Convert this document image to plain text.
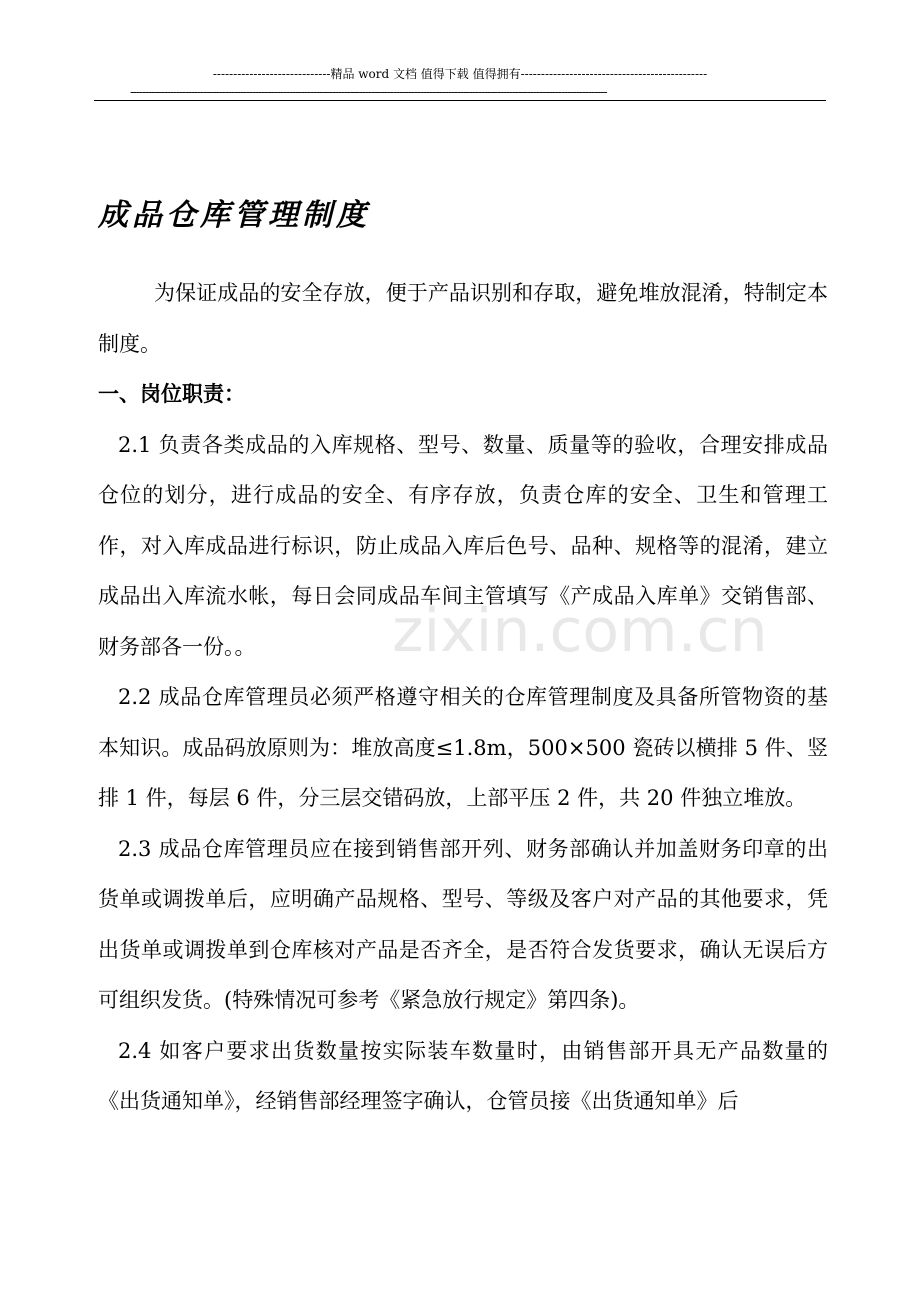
-----------------------------精品 word 文档 值得下载 值得拥有----------------------------------------------
------------------------------------------------------------------------------------------------------------------------------------------------------------
成品仓库管理制度
zixin.com.cn

为保证成品的安全存放，便于产品识别和存取，避免堆放混淆，特制定本制度。

一、岗位职责：

2.1 负责各类成品的入库规格、型号、数量、质量等的验收，合理安排成品仓位的划分，进行成品的安全、有序存放，负责仓库的安全、卫生和管理工作，对入库成品进行标识，防止成品入库后色号、品种、规格等的混淆，建立成品出入库流水帐，每日会同成品车间主管填写《产成品入库单》交销售部、财务部各一份。。

2.2 成品仓库管理员必须严格遵守相关的仓库管理制度及具备所管物资的基本知识。成品码放原则为：堆放高度≤1.8m，500×500 瓷砖以横排 5 件、竖排 1 件，每层 6 件，分三层交错码放，上部平压 2 件，共 20 件独立堆放。

2.3 成品仓库管理员应在接到销售部开列、财务部确认并加盖财务印章的出货单或调拨单后，应明确产品规格、型号、等级及客户对产品的其他要求，凭出货单或调拨单到仓库核对产品是否齐全，是否符合发货要求，确认无误后方可组织发货。(特殊情况可参考《紧急放行规定》第四条)。

2.4 如客户要求出货数量按实际装车数量时，由销售部开具无产品数量的《出货通知单》，经销售部经理签字确认，仓管员接《出货通知单》后
